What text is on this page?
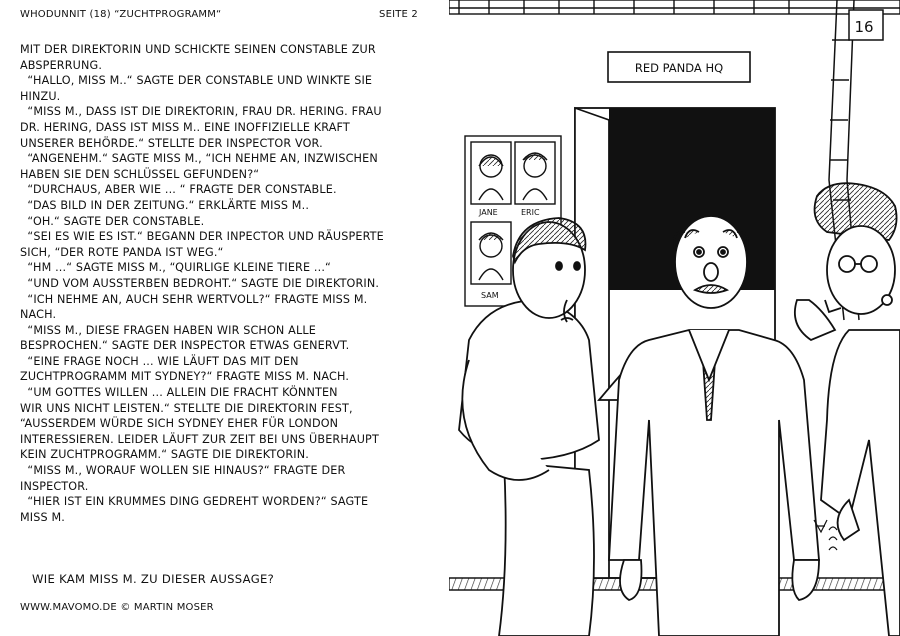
WHODUNNIT (18) “ZUCHTPROGRAMM“	SEITE 2
MIT DER DIREKTORIN UND SCHICKTE SEINEN CONSTABLE ZUR
ABSPERRUNG.
“HALLO, MISS M..“ SAGTE DER CONSTABLE UND WINKTE SIE
HINZU.
“MISS M., DASS IST DIE DIREKTORIN, FRAU DR. HERING. FRAU
DR. HERING, DASS IST MISS M.. EINE INOFFIZIELLE KRAFT
UNSERER BEHÖRDE.“ STELLTE DER INSPECTOR VOR.
“ANGENEHM.“ SAGTE MISS M., “ICH NEHME AN, INZWISCHEN
HABEN SIE DEN SCHLÜSSEL GEFUNDEN?“
“DURCHAUS, ABER WIE ... “ FRAGTE DER CONSTABLE.
“DAS BILD IN DER ZEITUNG.“ ERKLÄRTE MISS M..
“OH.“ SAGTE DER CONSTABLE.
“SEI ES WIE ES IST.“ BEGANN DER INPECTOR UND RÄUSPERTE
SICH, “DER ROTE PANDA IST WEG.“
“HM ...“ SAGTE MISS M., “QUIRLIGE KLEINE TIERE ...“
“UND VOM AUSSTERBEN BEDROHT.“ SAGTE DIE DIREKTORIN.
“ICH NEHME AN, AUCH SEHR WERTVOLL?“ FRAGTE MISS M.
NACH.
“MISS M., DIESE FRAGEN HABEN WIR SCHON ALLE
BESPROCHEN.“ SAGTE DER INSPECTOR ETWAS GENERVT.
“EINE FRAGE NOCH ... WIE LÄUFT DAS MIT DEN
ZUCHTPROGRAMM MIT SYDNEY?“ FRAGTE MISS M. NACH.
“UM GOTTES WILLEN ... ALLEIN DIE FRACHT KÖNNTEN
WIR UNS NICHT LEISTEN.“ STELLTE DIE DIREKTORIN FEST,
“AUSSERDEM WÜRDE SICH SYDNEY EHER FÜR LONDON
INTERESSIEREN. LEIDER LÄUFT ZUR ZEIT BEI UNS ÜBERHAUPT
KEIN ZUCHTPROGRAMM.“ SAGTE DIE DIREKTORIN.
“MISS M., WORAUF WOLLEN SIE HINAUS?“ FRAGTE DER
INSPECTOR.
“HIER IST EIN KRUMMES DING GEDREHT WORDEN?“ SAGTE
MISS M.
WIE KAM MISS M. ZU DIESER AUSSAGE?
WWW.MAVOMO.DE © MARTIN MOSER
16
RED PANDA HQ
JANE	ERIC
SAM
